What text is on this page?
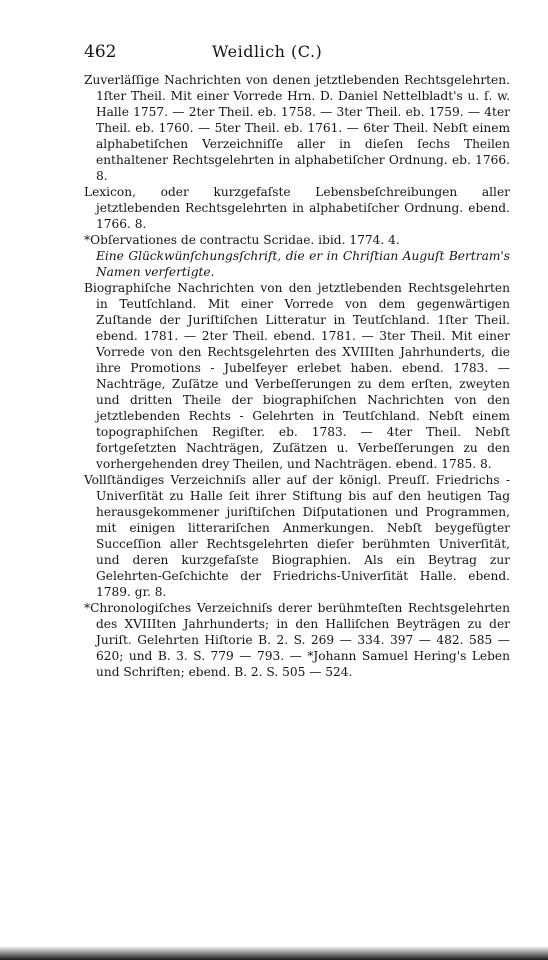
462	Weidlich (C.)

Zuverläſſige Nachrichten von denen jetztlebenden Rechtsgelehrten. 1ſter Theil. Mit einer Vorrede Hrn. D. Daniel Nettelbladt's u. ſ. w. Halle 1757. — 2ter Theil. eb. 1758. — 3ter Theil. eb. 1759. — 4ter Theil. eb. 1760. — 5ter Theil. eb. 1761. — 6ter Theil. Nebſt einem alphabetiſchen Verzeichniſſe aller in dieſen ſechs Theilen enthaltener Rechtsgelehrten in alphabetiſcher Ordnung. eb. 1766. 8.

Lexicon, oder kurzgefaſste Lebensbeſchreibungen aller jetztlebenden Rechtsgelehrten in alphabetiſcher Ordnung. ebend. 1766. 8.

*Obſervationes de contractu Scridae. ibid. 1774. 4.
Eine Glückwünſchungsſchrift, die er in Chriſtian Auguſt Bertram's Namen verfertigte.

Biographiſche Nachrichten von den jetztlebenden Rechtsgelehrten in Teutſchland. Mit einer Vorrede von dem gegenwärtigen Zuſtande der Juriſtiſchen Litteratur in Teutſchland. 1ſter Theil. ebend. 1781. — 2ter Theil. ebend. 1781. — 3ter Theil. Mit einer Vorrede von den Rechtsgelehrten des XVIIIten Jahrhunderts, die ihre Promotions - Jubelfeyer erlebet haben. ebend. 1783. — Nachträge, Zuſätze und Verbeſſerungen zu dem erſten, zweyten und dritten Theile der biographiſchen Nachrichten von den jetztlebenden Rechts - Gelehrten in Teutſchland. Nebſt einem topographiſchen Regiſter. eb. 1783. — 4ter Theil. Nebſt fortgeſetzten Nachträgen, Zuſätzen u. Verbeſſerungen zu den vorhergehenden drey Theilen, und Nachträgen. ebend. 1785. 8.

Vollſtändiges Verzeichniſs aller auf der königl. Preuſſ. Friedrichs - Univerſität zu Halle ſeit ihrer Stiftung bis auf den heutigen Tag herausgekommener juriſtiſchen Diſputationen und Programmen, mit einigen litterariſchen Anmerkungen. Nebſt beygefügter Succeſſion aller Rechtsgelehrten dieſer berühmten Univerſität, und deren kurzgefaſste Biographien. Als ein Beytrag zur Gelehrten-Geſchichte der Friedrichs-Univerſität Halle. ebend. 1789. gr. 8.

*Chronologiſches Verzeichniſs derer berühmteſten Rechtsgelehrten des XVIIIten Jahrhunderts; in den Halliſchen Beyträgen zu der Juriſt. Gelehrten Hiſtorie B. 2. S. 269 — 334. 397 — 482. 585 — 620; und B. 3. S. 779 — 793. — *Johann Samuel Hering's Leben und Schriften; ebend. B. 2. S. 505 — 524.
